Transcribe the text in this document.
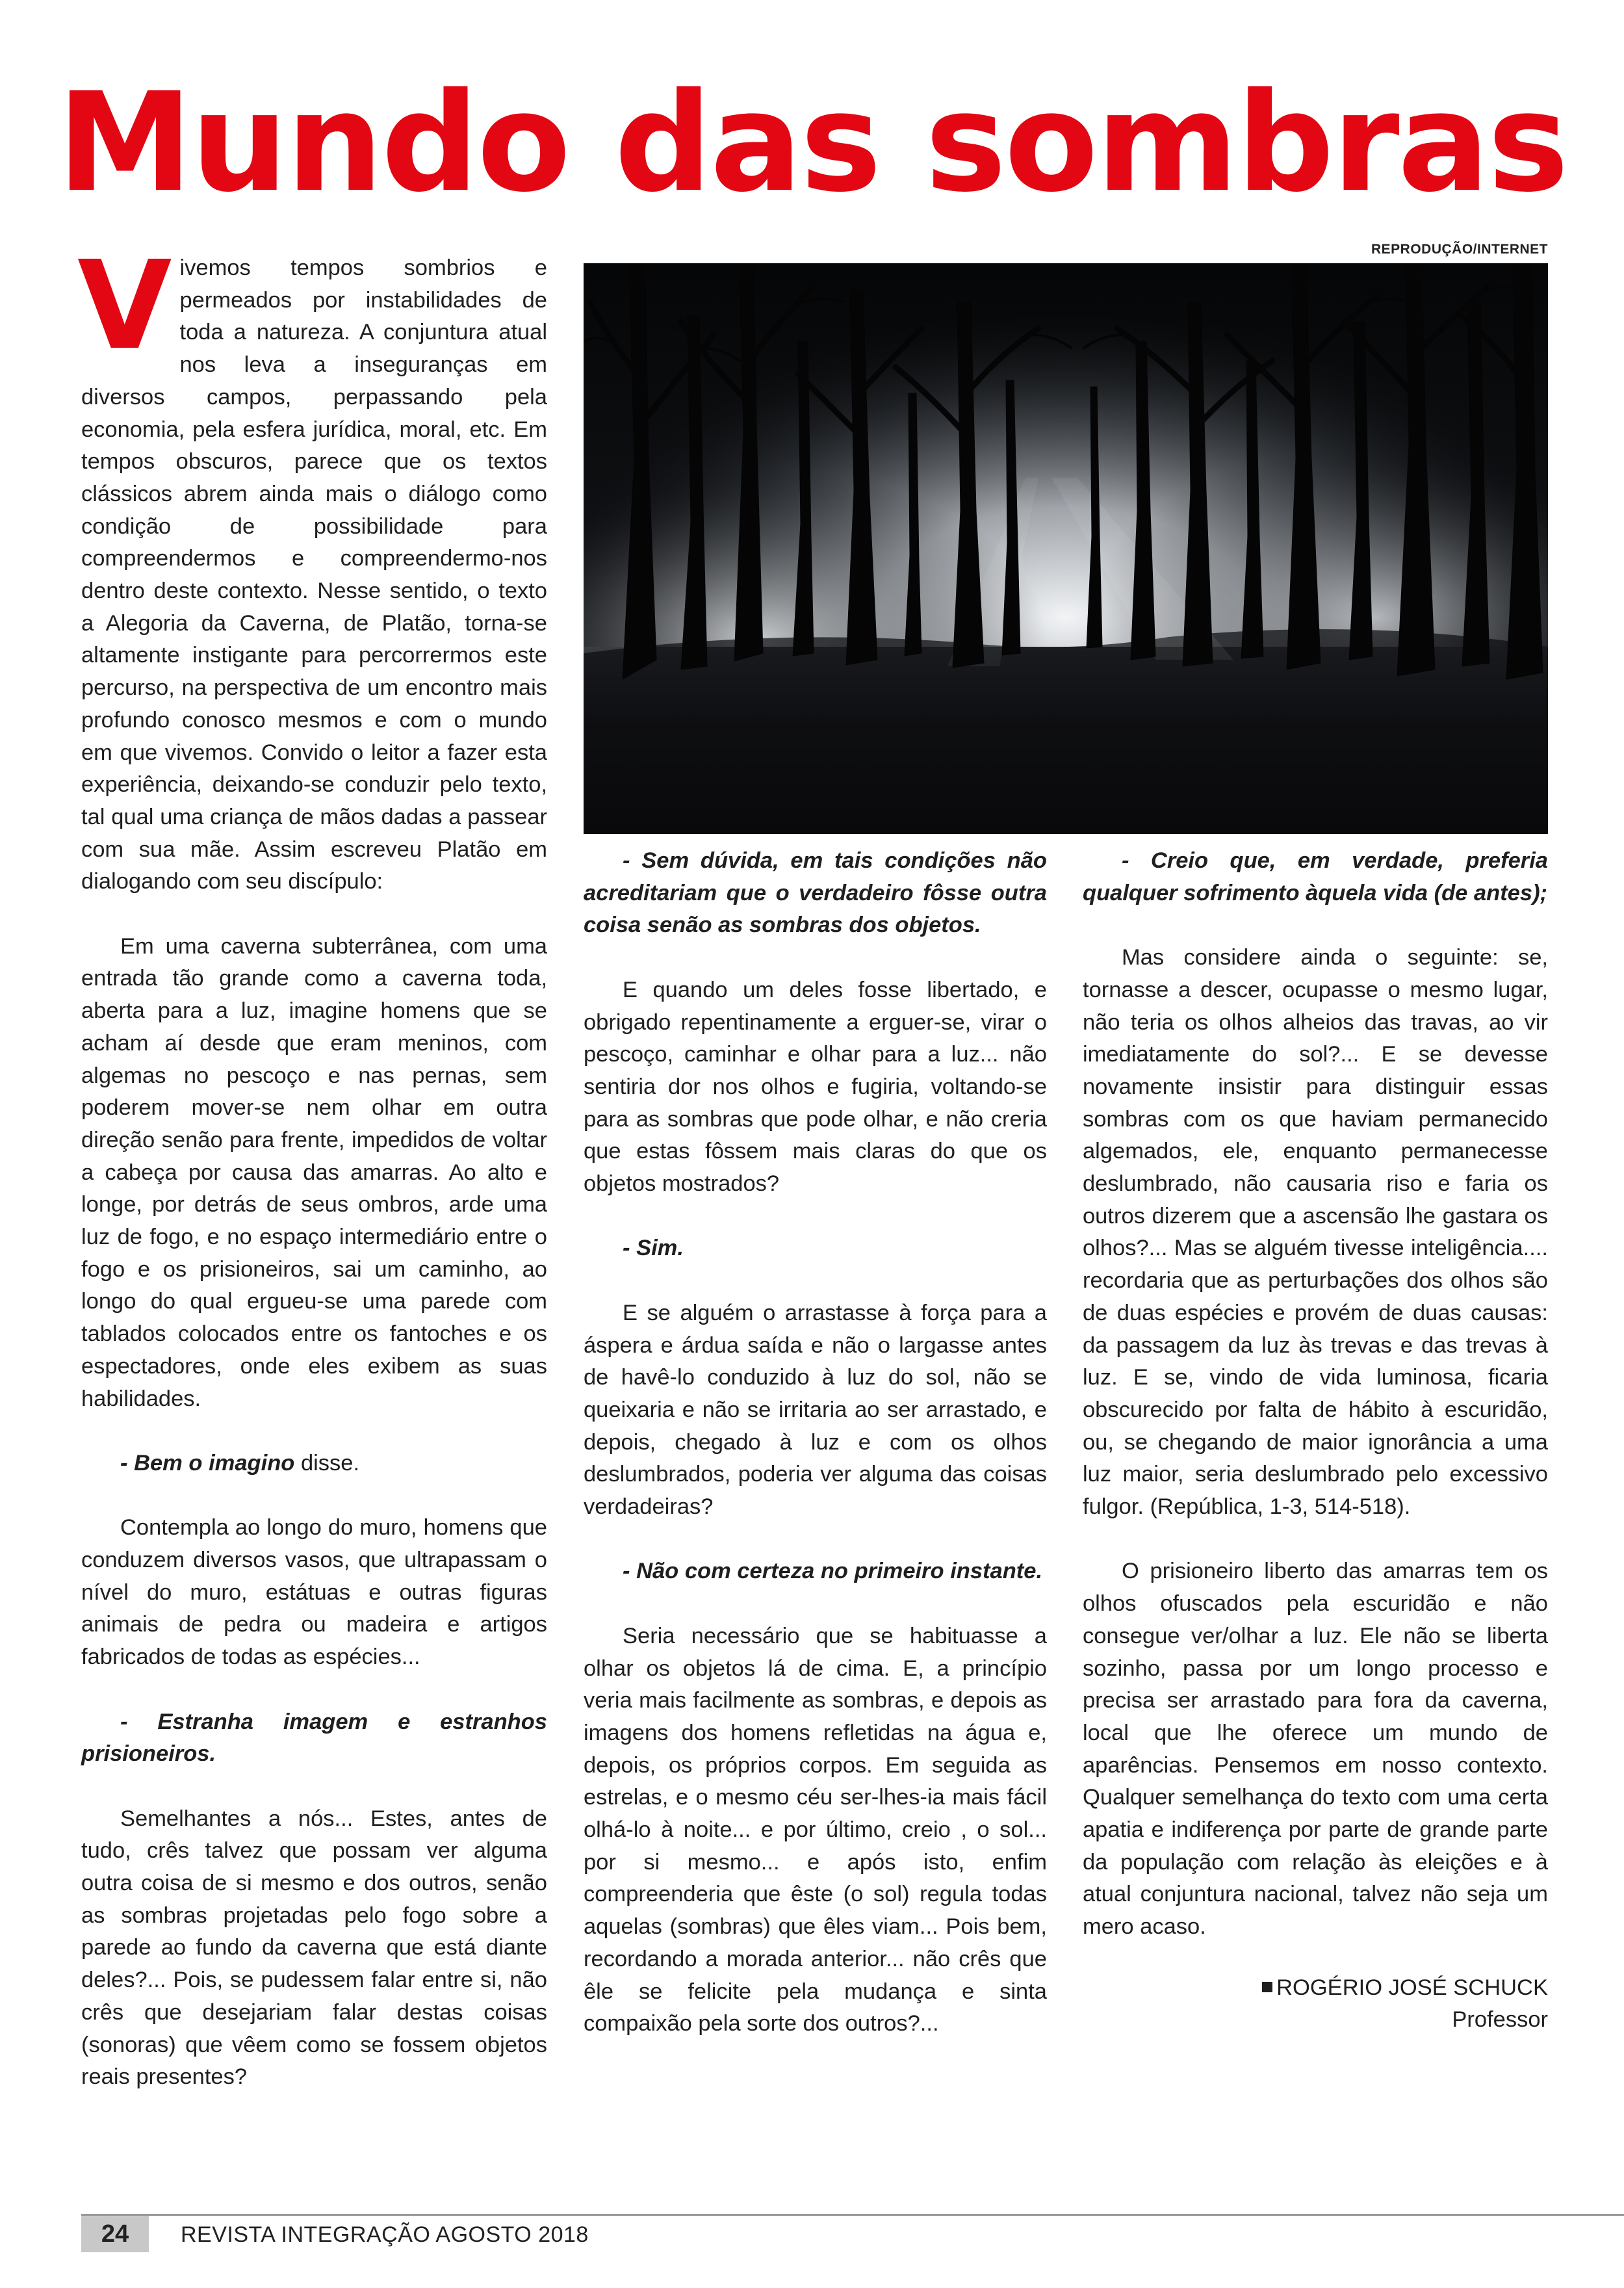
Mundo das sombras
REPRODUÇÃO/INTERNET

Vivemos tempos sombrios e permeados por instabilidades de toda a natureza. A conjuntura atual nos leva a inseguranças em diversos campos, perpassando pela economia, pela esfera jurídica, moral, etc. Em tempos obscuros, parece que os textos clássicos abrem ainda mais o diálogo como condição de possibilidade para compreendermos e compreendermo-nos dentro deste contexto. Nesse sentido, o texto a Alegoria da Caverna, de Platão, torna-se altamente instigante para percorrermos este percurso, na perspectiva de um encontro mais profundo conosco mesmos e com o mundo em que vivemos. Convido o leitor a fazer esta experiência, deixando-se conduzir pelo texto, tal qual uma criança de mãos dadas a passear com sua mãe. Assim escreveu Platão em dialogando com seu discípulo:

Em uma caverna subterrânea, com uma entrada tão grande como a caverna toda, aberta para a luz, imagine homens que se acham aí desde que eram meninos, com algemas no pescoço e nas pernas, sem poderem mover-se nem olhar em outra direção senão para frente, impedidos de voltar a cabeça por causa das amarras. Ao alto e longe, por detrás de seus ombros, arde uma luz de fogo, e no espaço intermediário entre o fogo e os prisioneiros, sai um caminho, ao longo do qual ergueu-se uma parede com tablados colocados entre os fantoches e os espectadores, onde eles exibem as suas habilidades.

- Bem o imagino disse.

Contempla ao longo do muro, homens que conduzem diversos vasos, que ultrapassam o nível do muro, estátuas e outras figuras animais de pedra ou madeira e artigos fabricados de todas as espécies...

- Estranha imagem e estranhos prisioneiros.

Semelhantes a nós... Estes, antes de tudo, crês talvez que possam ver alguma outra coisa de si mesmo e dos outros, senão as sombras projetadas pelo fogo sobre a parede ao fundo da caverna que está diante deles?... Pois, se pudessem falar entre si, não crês que desejariam falar destas coisas (sonoras) que vêem como se fossem objetos reais presentes?

- Sem dúvida, em tais condições não acreditariam que o verdadeiro fôsse outra coisa senão as sombras dos objetos.

E quando um deles fosse libertado, e obrigado repentinamente a erguer-se, virar o pescoço, caminhar e olhar para a luz... não sentiria dor nos olhos e fugiria, voltando-se para as sombras que pode olhar, e não creria que estas fôssem mais claras do que os objetos mostrados?

- Sim.

E se alguém o arrastasse à força para a áspera e árdua saída e não o largasse antes de havê-lo conduzido à luz do sol, não se queixaria e não se irritaria ao ser arrastado, e depois, chegado à luz e com os olhos deslumbrados, poderia ver alguma das coisas verdadeiras?

- Não com certeza no primeiro instante.

Seria necessário que se habituasse a olhar os objetos lá de cima. E, a princípio veria mais facilmente as sombras, e depois as imagens dos homens refletidas na água e, depois, os próprios corpos. Em seguida as estrelas, e o mesmo céu ser-lhes-ia mais fácil olhá-lo à noite... e por último, creio , o sol... por si mesmo... e após isto, enfim compreenderia que êste (o sol) regula todas aquelas (sombras) que êles viam... Pois bem, recordando a morada anterior... não crês que êle se felicite pela mudança e sinta compaixão pela sorte dos outros?...

- Creio que, em verdade, preferia qualquer sofrimento àquela vida (de antes);

Mas considere ainda o seguinte: se, tornasse a descer, ocupasse o mesmo lugar, não teria os olhos alheios das travas, ao vir imediatamente do sol?... E se devesse novamente insistir para distinguir essas sombras com os que haviam permanecido algemados, ele, enquanto permanecesse deslumbrado, não causaria riso e faria os outros dizerem que a ascensão lhe gastara os olhos?... Mas se alguém tivesse inteligência.... recordaria que as perturbações dos olhos são de duas espécies e provém de duas causas: da passagem da luz às trevas e das trevas à luz. E se, vindo de vida luminosa, ficaria obscurecido por falta de hábito à escuridão, ou, se chegando de maior ignorância a uma luz maior, seria deslumbrado pelo excessivo fulgor. (República, 1-3, 514-518).

O prisioneiro liberto das amarras tem os olhos ofuscados pela escuridão e não consegue ver/olhar a luz. Ele não se liberta sozinho, passa por um longo processo e precisa ser arrastado para fora da caverna, local que lhe oferece um mundo de aparências. Pensemos em nosso contexto. Qualquer semelhança do texto com uma certa apatia e indiferença por parte de grande parte da população com relação às eleições e à atual conjuntura nacional, talvez não seja um mero acaso.

ROGÉRIO JOSÉ SCHUCK
Professor
24	REVISTA INTEGRAÇÃO AGOSTO 2018
